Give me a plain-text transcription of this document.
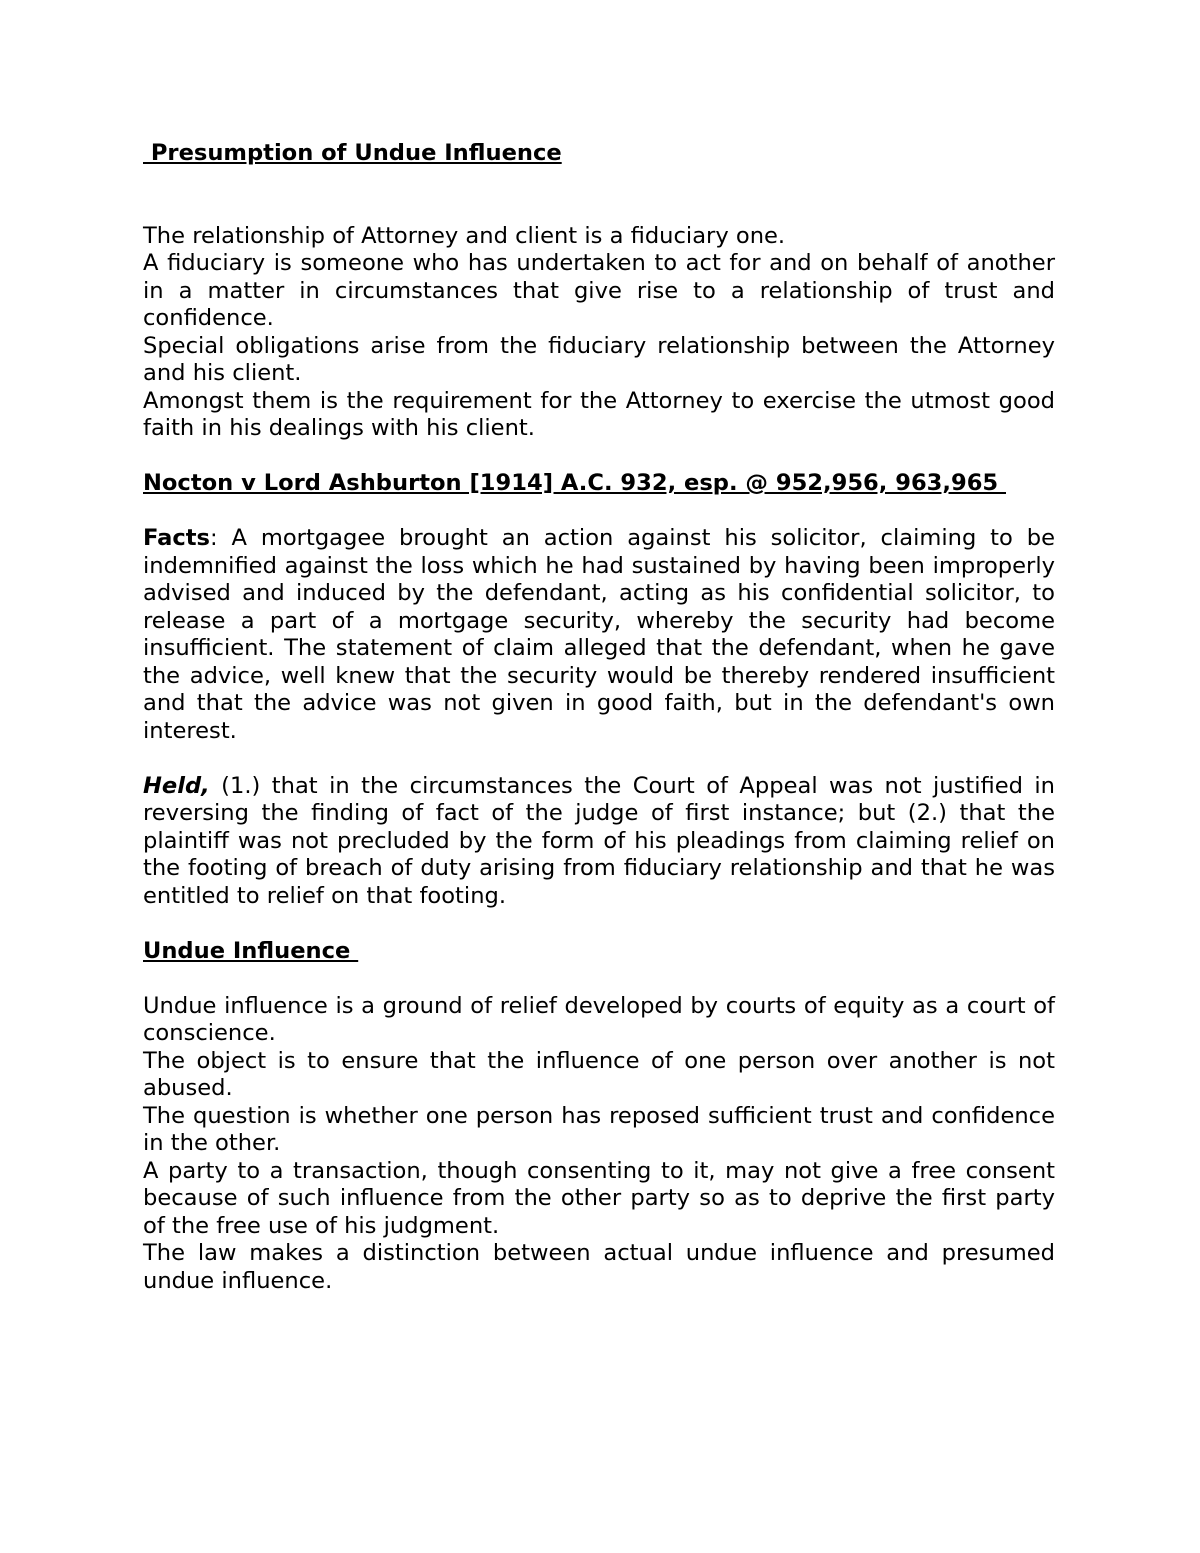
Presumption of Undue Influence

The relationship of Attorney and client is a fiduciary one.

A fiduciary is someone who has undertaken to act for and on behalf of another in a matter in circumstances that give rise to a relationship of trust and confidence.

Special obligations arise from the fiduciary relationship between the Attorney and his client.

Amongst them is the requirement for the Attorney to exercise the utmost good faith in his dealings with his client.

Nocton v Lord Ashburton [1914] A.C. 932, esp. @ 952,956, 963,965

Facts: A mortgagee brought an action against his solicitor, claiming to be indemnified against the loss which he had sustained by having been improperly advised and induced by the defendant, acting as his confidential solicitor, to release a part of a mortgage security, whereby the security had become insufficient. The statement of claim alleged that the defendant, when he gave the advice, well knew that the security would be thereby rendered insufficient and that the advice was not given in good faith, but in the defendant's own interest.

Held, (1.) that in the circumstances the Court of Appeal was not justified in reversing the finding of fact of the judge of first instance; but (2.) that the plaintiff was not precluded by the form of his pleadings from claiming relief on the footing of breach of duty arising from fiduciary relationship and that he was entitled to relief on that footing.

Undue Influence

Undue influence is a ground of relief developed by courts of equity as a court of conscience.

The object is to ensure that the influence of one person over another is not abused.

The question is whether one person has reposed sufficient trust and confidence in the other.

A party to a transaction, though consenting to it, may not give a free consent because of such influence from the other party so as to deprive the first party of the free use of his judgment.

The law makes a distinction between actual undue influence and presumed undue influence.
